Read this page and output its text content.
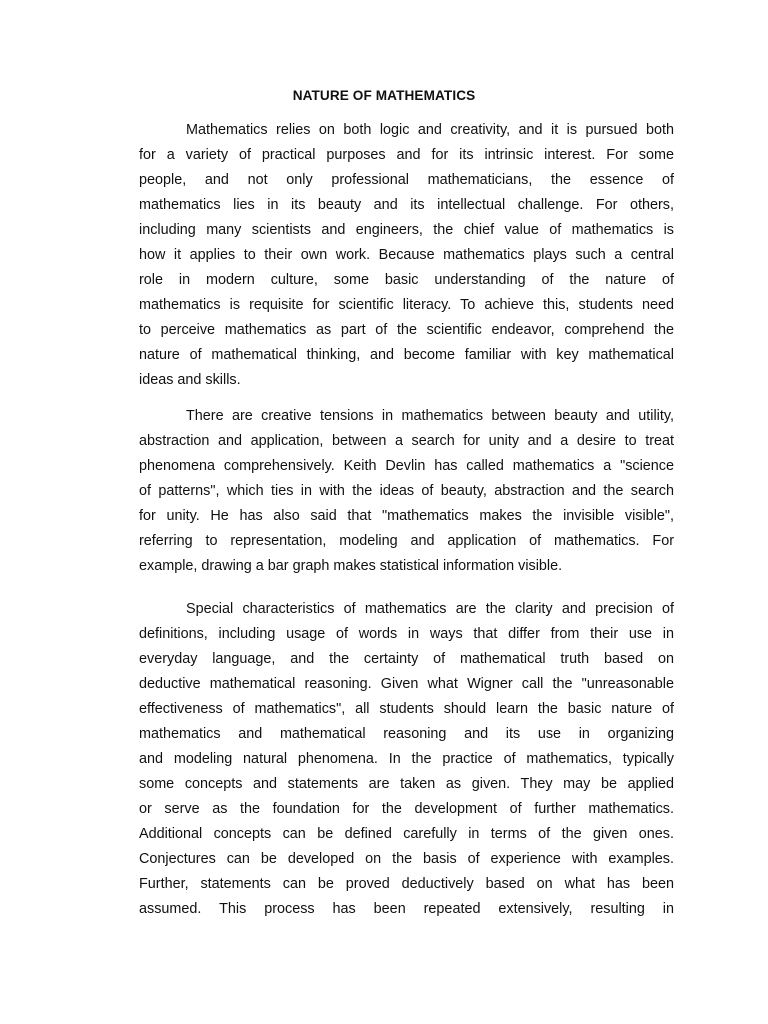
NATURE OF MATHEMATICS
Mathematics relies on both logic and creativity, and it is pursued both
for a variety of practical purposes and for its intrinsic interest. For some
people, and not only professional mathematicians, the essence of
mathematics lies in its beauty and its intellectual challenge. For others,
including many scientists and engineers, the chief value of mathematics is
how it applies to their own work. Because mathematics plays such a central
role in modern culture, some basic understanding of the nature of
mathematics is requisite for scientific literacy. To achieve this, students need
to perceive mathematics as part of the scientific endeavor, comprehend the
nature of mathematical thinking, and become familiar with key mathematical
ideas and skills.
There are creative tensions in mathematics between beauty and utility,
abstraction and application, between a search for unity and a desire to treat
phenomena comprehensively. Keith Devlin has called mathematics a "science
of patterns", which ties in with the ideas of beauty, abstraction and the search
for unity. He has also said that "mathematics makes the invisible visible",
referring to representation, modeling and application of mathematics. For
example, drawing a bar graph makes statistical information visible.
Special characteristics of mathematics are the clarity and precision of
definitions, including usage of words in ways that differ from their use in
everyday language, and the certainty of mathematical truth based on
deductive mathematical reasoning. Given what Wigner call the "unreasonable
effectiveness of mathematics", all students should learn the basic nature of
mathematics and mathematical reasoning and its use in organizing
and modeling natural phenomena. In the practice of mathematics, typically
some concepts and statements are taken as given. They may be applied
or serve as the foundation for the development of further mathematics.
Additional concepts can be defined carefully in terms of the given ones.
Conjectures can be developed on the basis of experience with examples.
Further, statements can be proved deductively based on what has been
assumed. This process has been repeated extensively, resulting in
